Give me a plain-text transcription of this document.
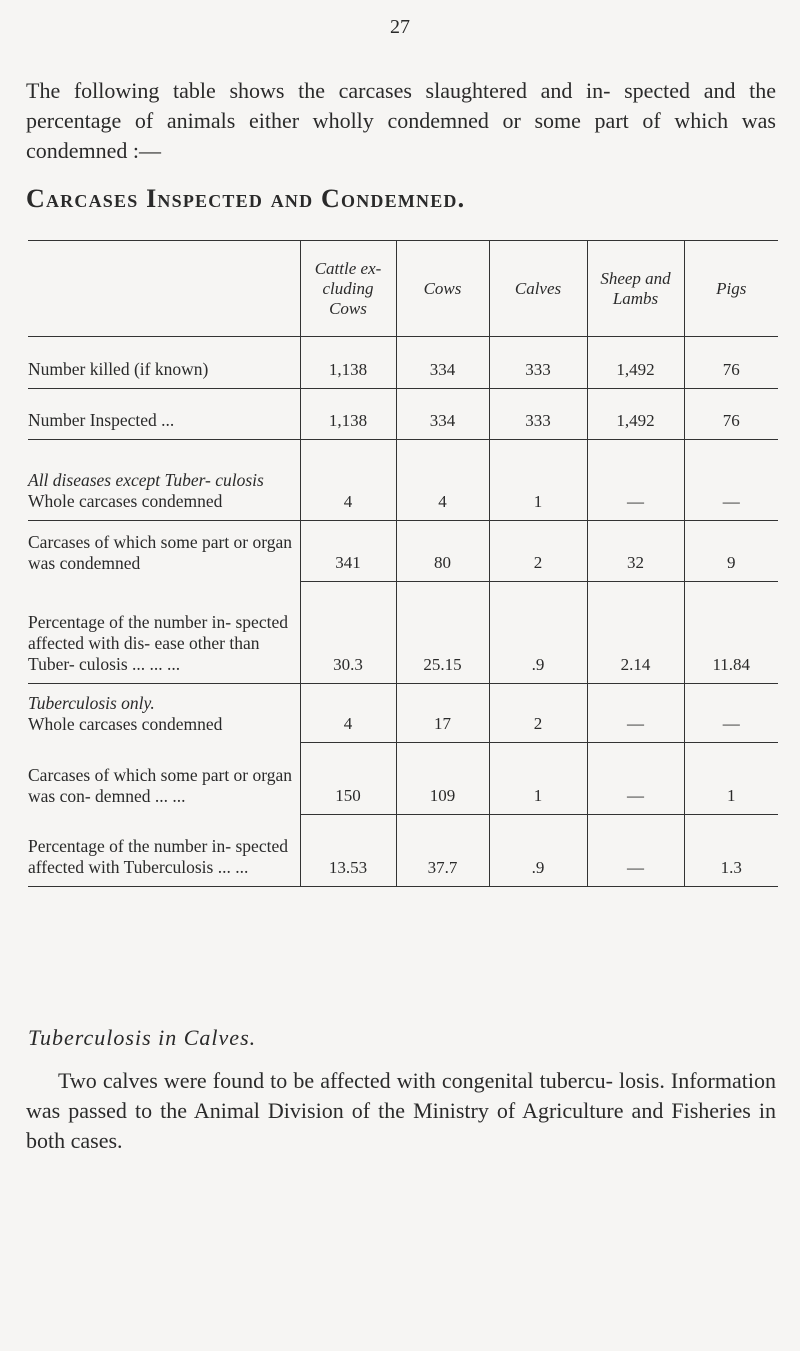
27

The following table shows the carcases slaughtered and in- spected and the percentage of animals either wholly condemned or some part of which was condemned :—

Carcases Inspected and Condemned.
	Cattle ex- cluding Cows	Cows	Calves	Sheep and Lambs	Pigs
Number killed (if known)	1,138	334	333	1,492	76
Number Inspected ...	1,138	334	333	1,492	76

All diseases except Tuber- culosis
Whole carcases condemned	4	4	1	—	—
Carcases of which some part or organ was condemned	341	80	2	32	9
Percentage of the number in- spected affected with dis- ease other than Tuber- culosis ... ... ...	30.3	25.15	.9	2.14	11.84

Tuberculosis only.
Whole carcases condemned	4	17	2	—	—
Carcases of which some part or organ was con- demned ... ...	150	109	1	—	1
Percentage of the number in- spected affected with Tuberculosis ... ...	13.53	37.7	.9	—	1.3
Tuberculosis in Calves.

Two calves were found to be affected with congenital tubercu- losis. Information was passed to the Animal Division of the Ministry of Agriculture and Fisheries in both cases.
